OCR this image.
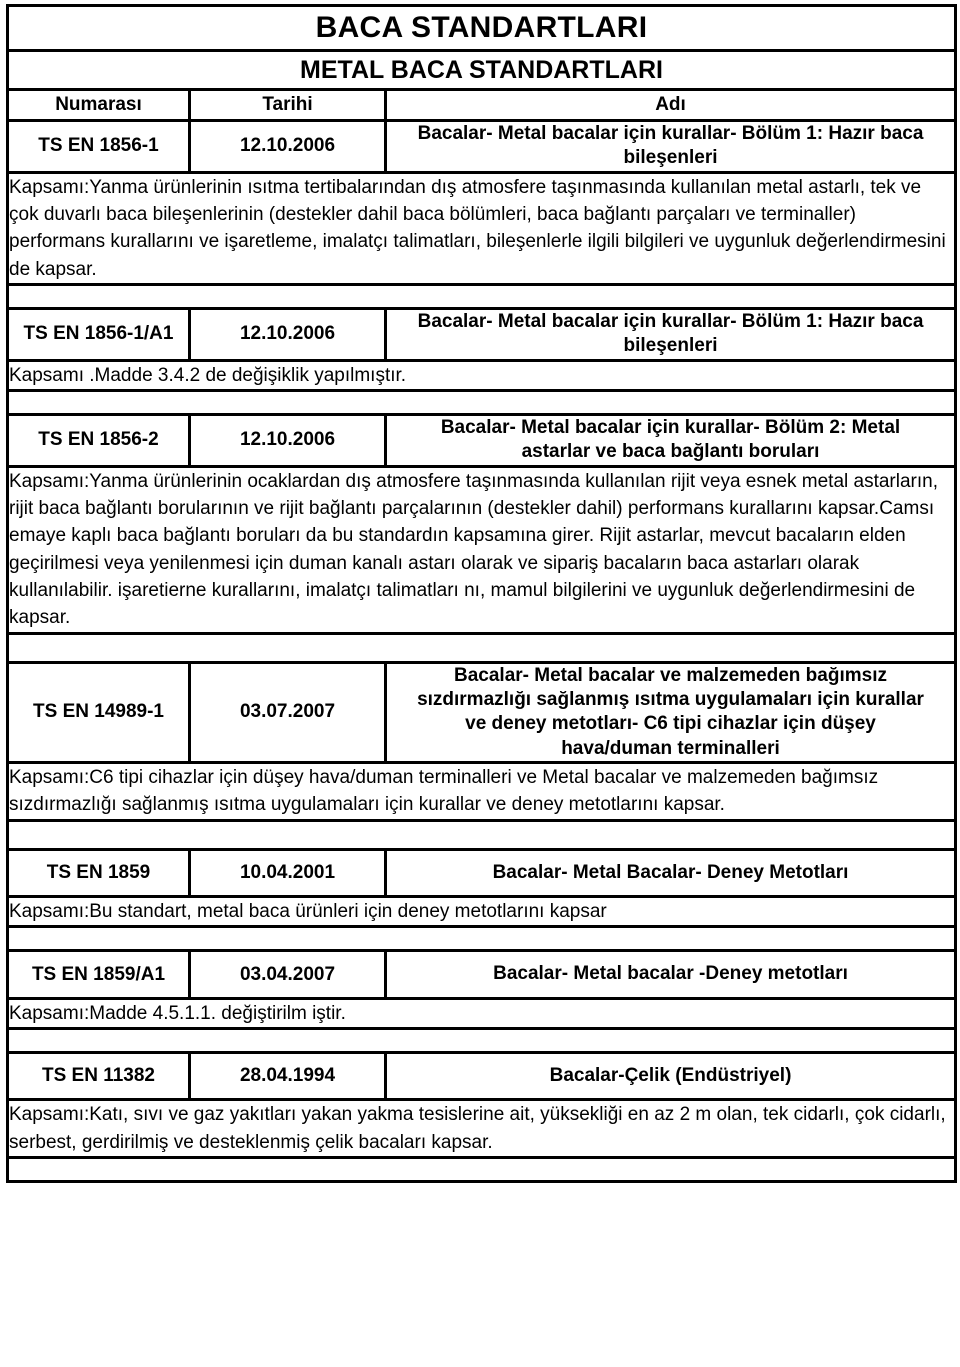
BACA STANDARTLARI		
METAL BACA STANDARTLARI		
Numarası	Tarihi	Adı
TS EN 1856-1	12.10.2006	Bacalar- Metal bacalar için kurallar- Bölüm 1: Hazır baca
bileşenleri

Kapsamı:Yanma ürünlerinin ısıtma tertibalarından dış atmosfere taşınmasında kullanılan metal astarlı, tek ve çok duvarlı baca bileşenlerinin (destekler dahil baca bölümleri, baca bağlantı parçaları ve terminaller) performans kurallarını ve işaretleme, imalatçı talimatları, bileşenlerle ilgili bilgileri ve uygunluk değerlendirmesini de kapsar.		

TS EN 1856-1/A1	12.10.2006	Bacalar- Metal bacalar için kurallar- Bölüm 1: Hazır baca
bileşenleri

Kapsamı .Madde 3.4.2 de değişiklik yapılmıştır.		

TS EN 1856-2	12.10.2006	Bacalar- Metal bacalar için kurallar- Bölüm 2: Metal
astarlar ve baca bağlantı boruları

Kapsamı:Yanma ürünlerinin ocaklardan dış atmosfere taşınmasında kullanılan rijit veya esnek metal astarların, rijit baca bağlantı borularının ve rijit bağlantı parçalarının (destekler dahil) performans kurallarını kapsar.Camsı emaye kaplı baca bağlantı boruları da bu standardın kapsamına girer. Rijit astarlar, mevcut bacaların elden geçirilmesi veya yenilenmesi için duman kanalı astarı olarak ve sipariş bacaların baca astarları olarak kullanılabilir. işaretierne kurallarını, imalatçı talimatları nı, mamul bilgilerini ve uygunluk değerlendirmesini de kapsar.		

TS EN 14989-1	03.07.2007	Bacalar- Metal bacalar ve malzemeden bağımsız
sızdırmazlığı sağlanmış ısıtma uygulamaları için kurallar
ve deney metotları- C6 tipi cihazlar için düşey
hava/duman terminalleri

Kapsamı:C6 tipi cihazlar için düşey hava/duman terminalleri ve Metal bacalar ve malzemeden bağımsız sızdırmazlığı sağlanmış ısıtma uygulamaları için kurallar ve deney metotlarını kapsar.		

TS EN 1859	10.04.2001	Bacalar- Metal Bacalar- Deney Metotları

Kapsamı:Bu standart, metal baca ürünleri için deney metotlarını kapsar		

TS EN 1859/A1	03.04.2007	Bacalar- Metal bacalar -Deney metotları

Kapsamı:Madde 4.5.1.1. değiştirilm iştir.		

TS EN 11382	28.04.1994	Bacalar-Çelik (Endüstriyel)

Kapsamı:Katı, sıvı ve gaz yakıtları yakan yakma tesislerine ait, yüksekliği en az 2 m olan, tek cidarlı, çok cidarlı, serbest, gerdirilmiş ve desteklenmiş çelik bacaları kapsar.		
